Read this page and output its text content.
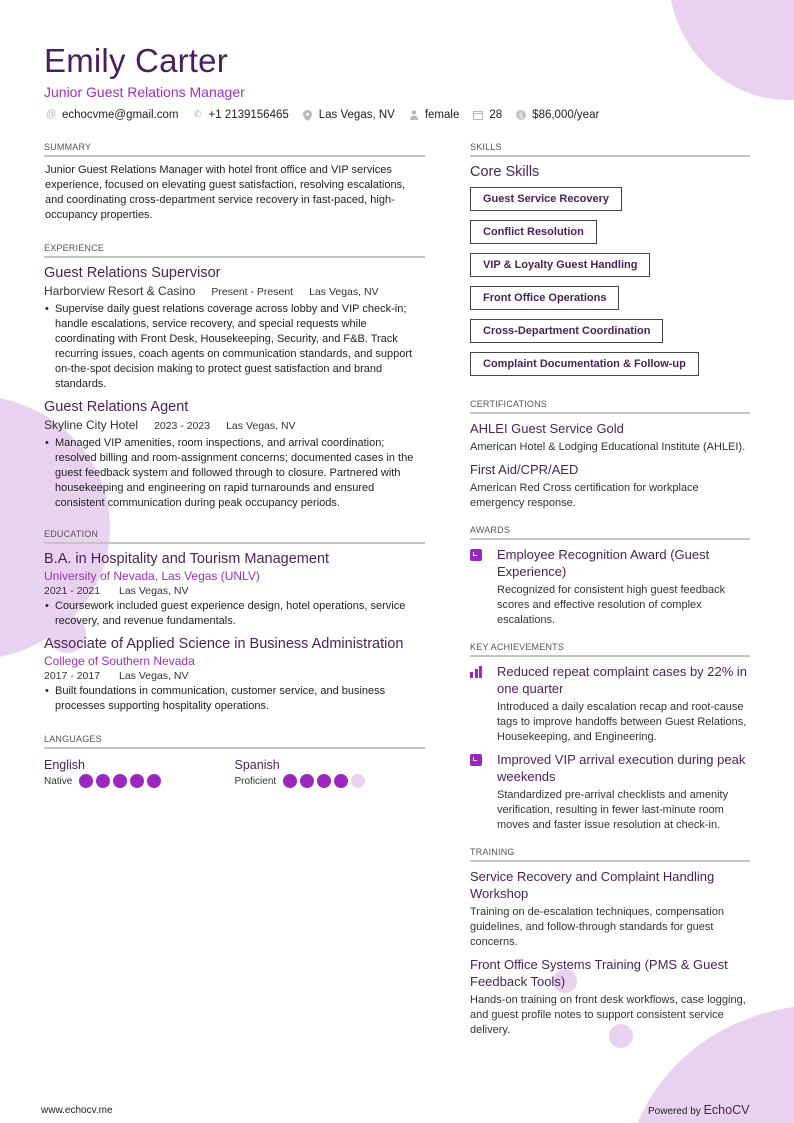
Emily Carter
Junior Guest Relations Manager
@ echocvme@gmail.com ✆ +1 2139156465	Las Vegas, NV	female	28 $ $86,000/year
SUMMARY
Junior Guest Relations Manager with hotel front office and VIP services experience, focused on elevating guest satisfaction, resolving escalations, and coordinating cross-department service recovery in fast-paced, high-occupancy properties.
EXPERIENCE
Guest Relations Supervisor
Harborview Resort & Casino Present - Present Las Vegas, NV
• Supervise daily guest relations coverage across lobby and VIP check-in; handle escalations, service recovery, and special requests while coordinating with Front Desk, Housekeeping, Security, and F&B. Track recurring issues, coach agents on communication standards, and support on-the-spot decision making to protect guest satisfaction and brand standards.
Guest Relations Agent
Skyline City Hotel 2023 - 2023 Las Vegas, NV
• Managed VIP amenities, room inspections, and arrival coordination; resolved billing and room-assignment concerns; documented cases in the guest feedback system and followed through to closure. Partnered with housekeeping and engineering on rapid turnarounds and ensured consistent communication during peak occupancy periods.
EDUCATION
B.A. in Hospitality and Tourism Management
University of Nevada, Las Vegas (UNLV)
2021 - 2021 Las Vegas, NV
• Coursework included guest experience design, hotel operations, service recovery, and revenue fundamentals.
Associate of Applied Science in Business Administration
College of Southern Nevada
2017 - 2017 Las Vegas, NV
• Built foundations in communication, customer service, and business processes supporting hospitality operations.
LANGUAGES
English
Native
Spanish
Proficient
SKILLS
Core Skills
Guest Service Recovery
Conflict Resolution
VIP & Loyalty Guest Handling
Front Office Operations
Cross-Department Coordination
Complaint Documentation & Follow-up
CERTIFICATIONS
AHLEI Guest Service Gold
American Hotel & Lodging Educational Institute (AHLEI).
First Aid/CPR/AED
American Red Cross certification for workplace emergency response.
AWARDS
Employee Recognition Award (Guest Experience)
Recognized for consistent high guest feedback scores and effective resolution of complex escalations.
KEY ACHIEVEMENTS
Reduced repeat complaint cases by 22% in one quarter
Introduced a daily escalation recap and root-cause tags to improve handoffs between Guest Relations, Housekeeping, and Engineering.
Improved VIP arrival execution during peak weekends
Standardized pre-arrival checklists and amenity verification, resulting in fewer last-minute room moves and faster issue resolution at check-in.
TRAINING
Service Recovery and Complaint Handling Workshop
Training on de-escalation techniques, compensation guidelines, and follow-through standards for guest concerns.
Front Office Systems Training (PMS & Guest Feedback Tools)
Hands-on training on front desk workflows, case logging, and guest profile notes to support consistent service delivery.
www.echocv.me	Powered by EchoCV
